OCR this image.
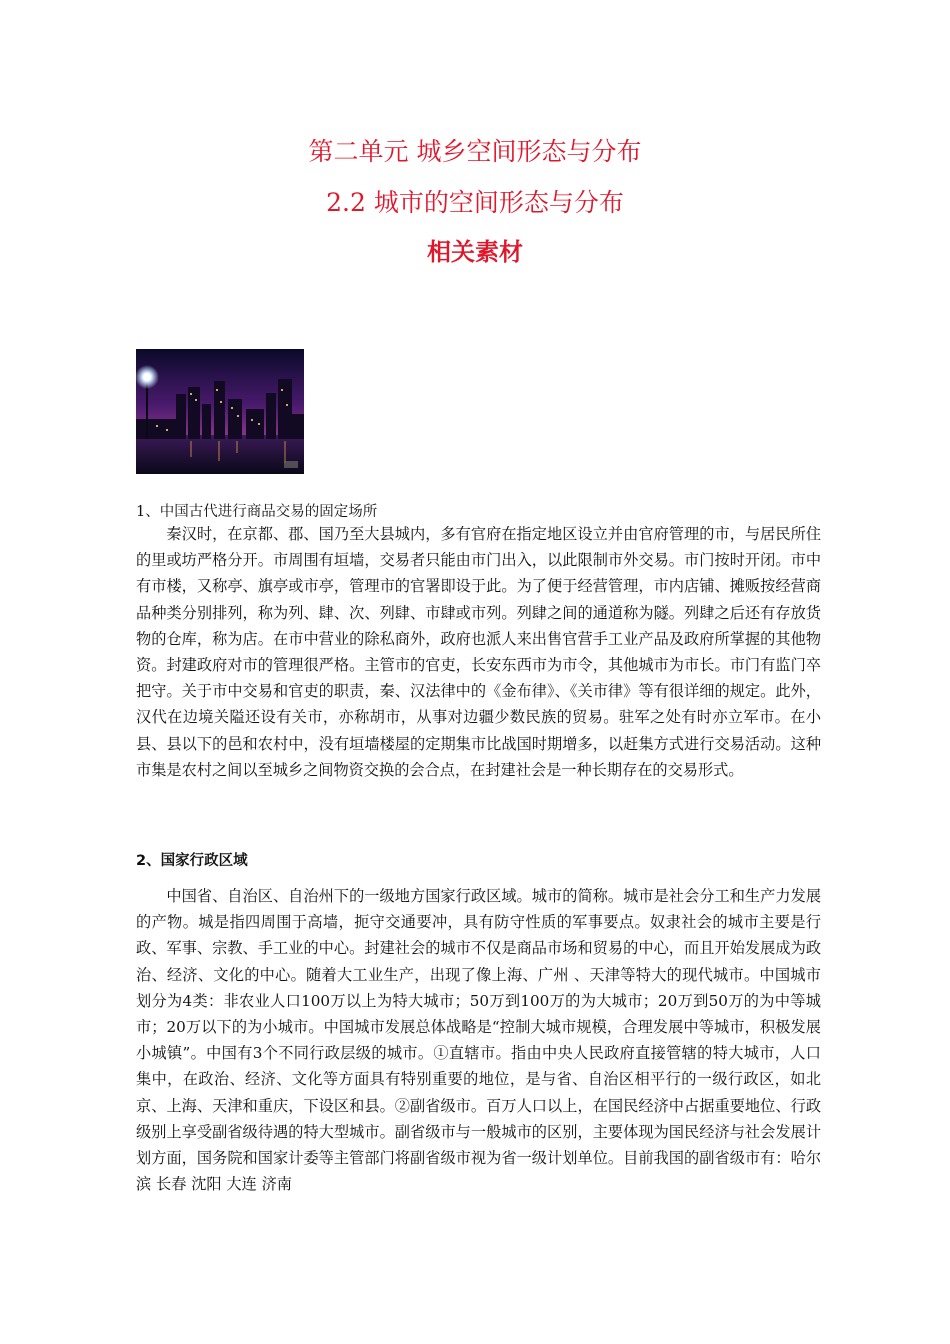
第二单元 城乡空间形态与分布
2.2 城市的空间形态与分布
相关素材
1、中国古代进行商品交易的固定场所

秦汉时，在京都、郡、国乃至大县城内，多有官府在指定地区设立并由官府管理的市，与居民所住的里或坊严格分开。市周围有垣墙，交易者只能由市门出入，以此限制市外交易。市门按时开闭。市中有市楼，又称亭、旗亭或市亭，管理市的官署即设于此。为了便于经营管理，市内店铺、摊贩按经营商品种类分别排列，称为列、肆、次、列肆、市肆或市列。列肆之间的通道称为隧。列肆之后还有存放货物的仓库，称为店。在市中营业的除私商外，政府也派人来出售官营手工业产品及政府所掌握的其他物资。封建政府对市的管理很严格。主管市的官吏，长安东西市为市令，其他城市为市长。市门有监门卒把守。关于市中交易和官吏的职责，秦、汉法律中的《金布律》、《关市律》等有很详细的规定。此外，汉代在边境关隘还设有关市，亦称胡市，从事对边疆少数民族的贸易。驻军之处有时亦立军市。在小县、县以下的邑和农村中，没有垣墙楼屋的定期集市比战国时期增多，以赶集方式进行交易活动。这种市集是农村之间以至城乡之间物资交换的会合点，在封建社会是一种长期存在的交易形式。

2、国家行政区域

中国省、自治区、自治州下的一级地方国家行政区域。城市的简称。城市是社会分工和生产力发展的产物。城是指四周围于高墙，扼守交通要冲，具有防守性质的军事要点。奴隶社会的城市主要是行政、军事、宗教、手工业的中心。封建社会的城市不仅是商品市场和贸易的中心，而且开始发展成为政治、经济、文化的中心。随着大工业生产，出现了像上海、广州 、天津等特大的现代城市。中国城市划分为4类：非农业人口100万以上为特大城市；50万到100万的为大城市；20万到50万的为中等城市；20万以下的为小城市。中国城市发展总体战略是“控制大城市规模，合理发展中等城市，积极发展小城镇”。中国有3个不同行政层级的城市。①直辖市。指由中央人民政府直接管辖的特大城市，人口集中，在政治、经济、文化等方面具有特别重要的地位，是与省、自治区相平行的一级行政区，如北京、上海、天津和重庆，下设区和县。②副省级市。百万人口以上，在国民经济中占据重要地位、行政级别上享受副省级待遇的特大型城市。副省级市与一般城市的区别，主要体现为国民经济与社会发展计划方面，国务院和国家计委等主管部门将副省级市视为省一级计划单位。目前我国的副省级市有：哈尔滨 长春 沈阳 大连 济南
